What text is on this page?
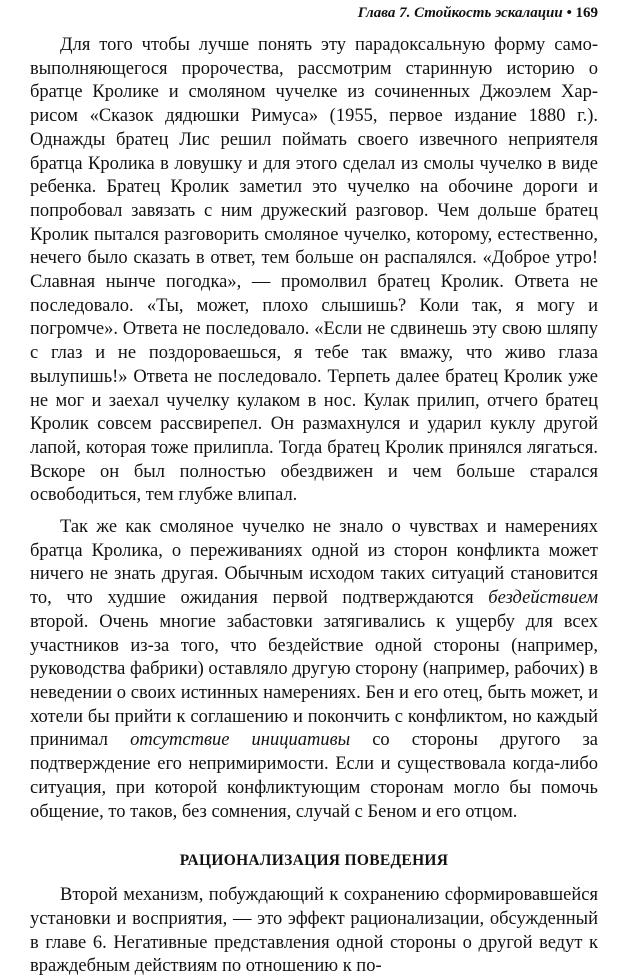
Глава 7. Стойкость эскалации • 169

Для того чтобы лучше понять эту парадоксальную форму самовыполняющегося пророчества, рассмотрим старинную историю о братце Кролике и смоляном чучелке из сочиненных Джоэлем Харрисом «Сказок дядюшки Римуса» (1955, первое издание 1880 г.). Однажды братец Лис решил поймать своего извечного неприятеля братца Кролика в ловушку и для этого сделал из смолы чучелко в виде ребенка. Братец Кролик заметил это чучелко на обочине дороги и попробовал завязать с ним дружеский разговор. Чем дольше братец Кролик пытался разговорить смоляное чучелко, которому, естественно, нечего было сказать в ответ, тем больше он распалялся. «Доброе утро! Славная нынче погодка», — промолвил братец Кролик. Ответа не последовало. «Ты, может, плохо слышишь? Коли так, я могу и погромче». Ответа не последовало. «Если не сдвинешь эту свою шляпу с глаз и не поздороваешься, я тебе так вмажу, что живо глаза вылупишь!» Ответа не последовало. Терпеть далее братец Кролик уже не мог и заехал чучелку кулаком в нос. Кулак прилип, отчего братец Кролик совсем рассвирепел. Он размахнулся и ударил куклу другой лапой, которая тоже прилипла. Тогда братец Кролик принялся лягаться. Вскоре он был полностью обездвижен и чем больше старался освободиться, тем глубже влипал.

Так же как смоляное чучелко не знало о чувствах и намерениях братца Кролика, о переживаниях одной из сторон конфликта может ничего не знать другая. Обычным исходом таких ситуаций становится то, что худшие ожидания первой подтверждаются бездействием второй. Очень многие забастовки затягивались к ущербу для всех участников из-за того, что бездействие одной стороны (например, руководства фабрики) оставляло другую сторону (например, рабочих) в неведении о своих истинных намерениях. Бен и его отец, быть может, и хотели бы прийти к соглашению и покончить с конфликтом, но каждый принимал отсутствие инициативы со стороны другого за подтверждение его непримиримости. Если и существовала когда-либо ситуация, при которой конфликтующим сторонам могло бы помочь общение, то таков, без сомнения, случай с Беном и его отцом.

РАЦИОНАЛИЗАЦИЯ ПОВЕДЕНИЯ

Второй механизм, побуждающий к сохранению сформировавшейся установки и восприятия, — это эффект рационализации, обсужденный в главе 6. Негативные представления одной стороны о другой ведут к враждебным действиям по отношению к по-
